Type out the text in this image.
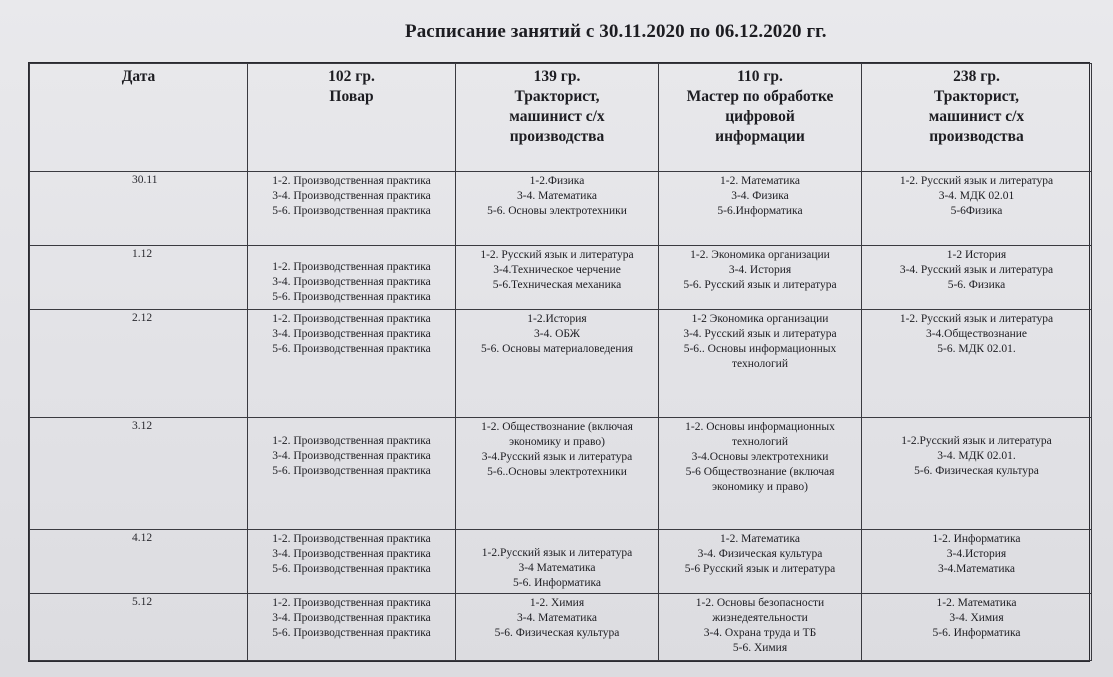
Расписание занятий с 30.11.2020 по 06.12.2020 гг.
Дата	102 гр.
Повар	139 гр.
Тракторист,
машинист с/х
производства	110 гр.
Мастер по обработке
цифровой
информации	238 гр.
Тракторист,
машинист с/х
производства

30.11	1-2. Производственная практика
3-4. Производственная практика
5-6. Производственная практика	1-2.Физика
3-4. Математика
5-6. Основы электротехники	1-2. Математика
3-4. Физика
5-6.Информатика	1-2. Русский язык и литература
3-4. МДК 02.01
5-6Физика

1.12	1-2. Производственная практика
3-4. Производственная практика
5-6. Производственная практика	1-2. Русский язык и литература
3-4.Техническое черчение
5-6.Техническая механика	1-2. Экономика организации
3-4. История
5-6. Русский язык и литература	1-2 История
3-4. Русский язык и литература
5-6. Физика

2.12	1-2. Производственная практика
3-4. Производственная практика
5-6. Производственная практика	1-2.История
3-4. ОБЖ
5-6. Основы материаловедения	1-2 Экономика организации
3-4. Русский язык и литература
5-6.. Основы информационных
технологий	1-2. Русский язык и литература
3-4.Обществознание
5-6. МДК 02.01.

3.12	1-2. Производственная практика
3-4. Производственная практика
5-6. Производственная практика	1-2. Обществознание (включая
экономику и право)
3-4.Русский язык и литература
5-6..Основы электротехники	1-2. Основы информационных
технологий
3-4.Основы электротехники
5-6 Обществознание (включая
экономику и право)	1-2.Русский язык и литература
3-4. МДК 02.01.
5-6. Физическая культура

4.12	1-2. Производственная практика
3-4. Производственная практика
5-6. Производственная практика	1-2.Русский язык и литература
3-4 Математика
5-6. Информатика	1-2. Математика
3-4. Физическая культура
5-6 Русский язык и литература	1-2. Информатика
3-4.История
3-4.Математика

5.12	1-2. Производственная практика
3-4. Производственная практика
5-6. Производственная практика	1-2. Химия
3-4. Математика
5-6. Физическая культура	1-2. Основы безопасности
жизнедеятельности
3-4. Охрана труда и ТБ
5-6. Химия	1-2. Математика
3-4. Химия
5-6. Информатика
